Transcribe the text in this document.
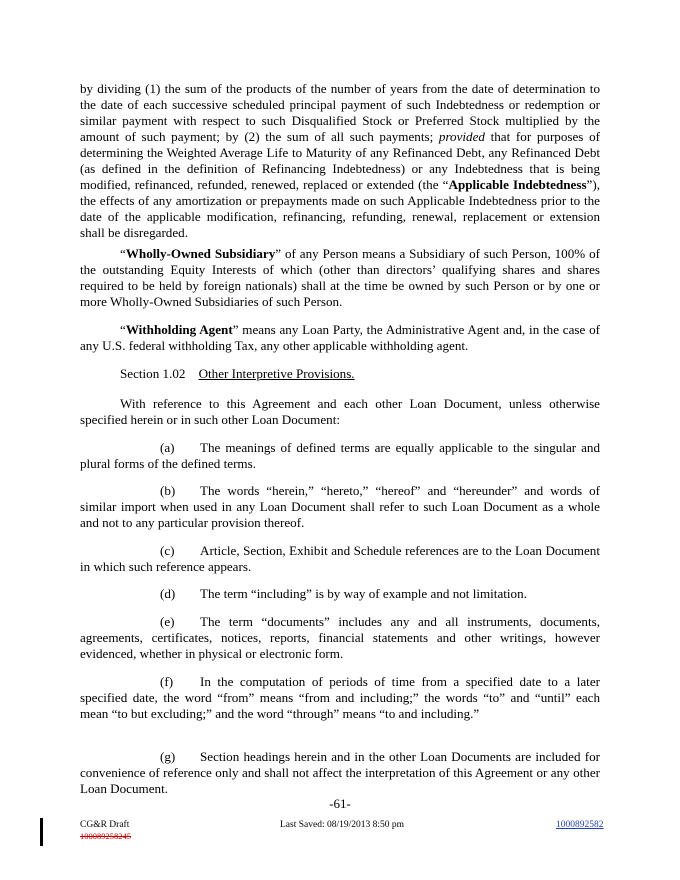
by dividing (1) the sum of the products of the number of years from the date of determination to the date of each successive scheduled principal payment of such Indebtedness or redemption or similar payment with respect to such Disqualified Stock or Preferred Stock multiplied by the amount of such payment; by (2) the sum of all such payments; provided that for purposes of determining the Weighted Average Life to Maturity of any Refinanced Debt, any Refinanced Debt (as defined in the definition of Refinancing Indebtedness) or any Indebtedness that is being modified, refinanced, refunded, renewed, replaced or extended (the “Applicable Indebtedness”), the effects of any amortization or prepayments made on such Applicable Indebtedness prior to the date of the applicable modification, refinancing, refunding, renewal, replacement or extension shall be disregarded.

“Wholly-Owned Subsidiary” of any Person means a Subsidiary of such Person, 100% of the outstanding Equity Interests of which (other than directors’ qualifying shares and shares required to be held by foreign nationals) shall at the time be owned by such Person or by one or more Wholly-Owned Subsidiaries of such Person.

“Withholding Agent” means any Loan Party, the Administrative Agent and, in the case of any U.S. federal withholding Tax, any other applicable withholding agent.

Section 1.02 Other Interpretive Provisions.

With reference to this Agreement and each other Loan Document, unless otherwise specified herein or in such other Loan Document:

(a) The meanings of defined terms are equally applicable to the singular and plural forms of the defined terms.

(b) The words “herein,” “hereto,” “hereof” and “hereunder” and words of similar import when used in any Loan Document shall refer to such Loan Document as a whole and not to any particular provision thereof.

(c) Article, Section, Exhibit and Schedule references are to the Loan Document in which such reference appears.

(d) The term “including” is by way of example and not limitation.

(e) The term “documents” includes any and all instruments, documents, agreements, certificates, notices, reports, financial statements and other writings, however evidenced, whether in physical or electronic form.

(f) In the computation of periods of time from a specified date to a later specified date, the word “from” means “from and including;” the words “to” and “until” each mean “to but excluding;” and the word “through” means “to and including.”

(g) Section headings herein and in the other Loan Documents are included for convenience of reference only and shall not affect the interpretation of this Agreement or any other Loan Document.

-61-
CG&R Draft
100089258245
Last Saved: 08/19/2013 8:50 pm	1000892582
